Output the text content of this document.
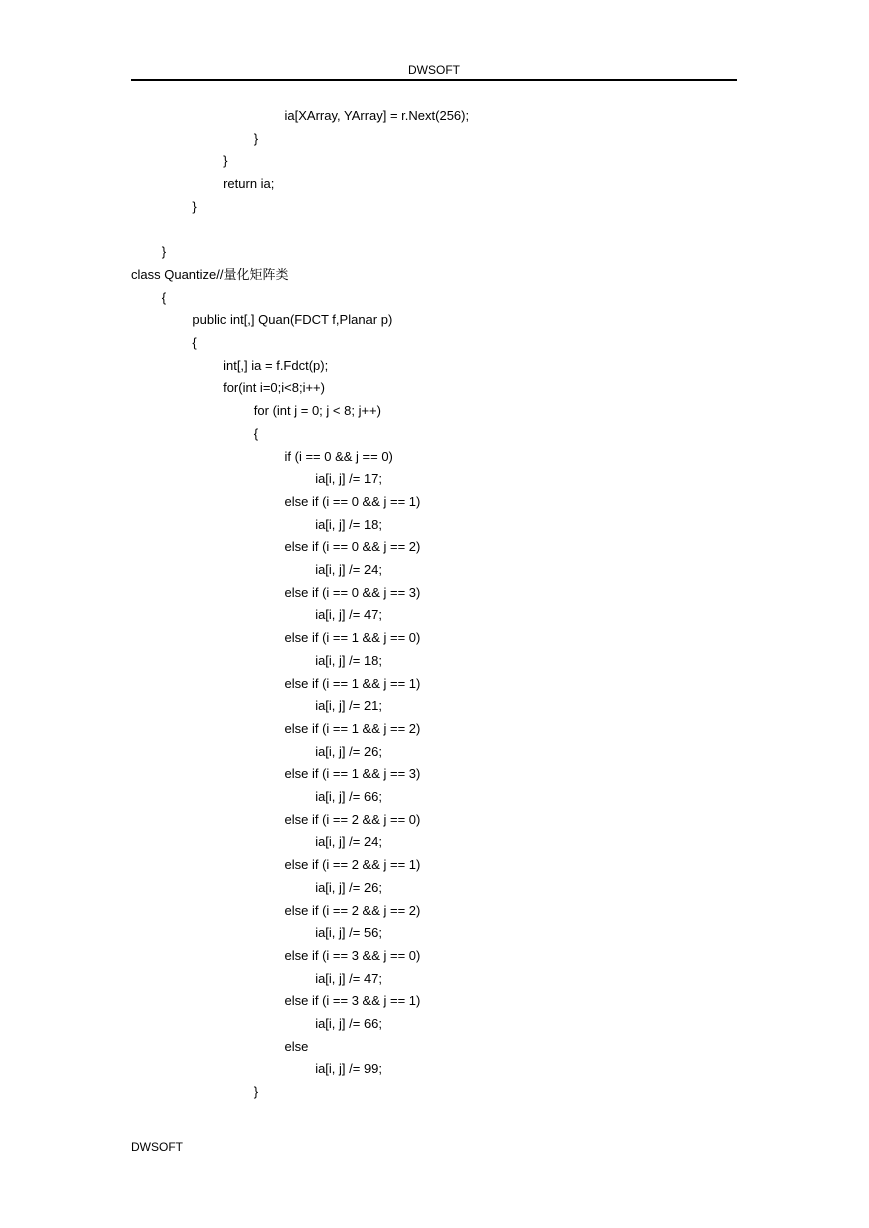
DWSOFT
ia[XArray, YArray] = r.Next(256);
}
}
return ia;
}
}
class Quantize//量化矩阵类
{
public int[,] Quan(FDCT f,Planar p)
{
int[,] ia = f.Fdct(p);
for(int i=0;i<8;i++)
for (int j = 0; j < 8; j++)
{
if (i == 0 && j == 0)
ia[i, j] /= 17;
else if (i == 0 && j == 1)
ia[i, j] /= 18;
else if (i == 0 && j == 2)
ia[i, j] /= 24;
else if (i == 0 && j == 3)
ia[i, j] /= 47;
else if (i == 1 && j == 0)
ia[i, j] /= 18;
else if (i == 1 && j == 1)
ia[i, j] /= 21;
else if (i == 1 && j == 2)
ia[i, j] /= 26;
else if (i == 1 && j == 3)
ia[i, j] /= 66;
else if (i == 2 && j == 0)
ia[i, j] /= 24;
else if (i == 2 && j == 1)
ia[i, j] /= 26;
else if (i == 2 && j == 2)
ia[i, j] /= 56;
else if (i == 3 && j == 0)
ia[i, j] /= 47;
else if (i == 3 && j == 1)
ia[i, j] /= 66;
else
ia[i, j] /= 99;
}
DWSOFT
